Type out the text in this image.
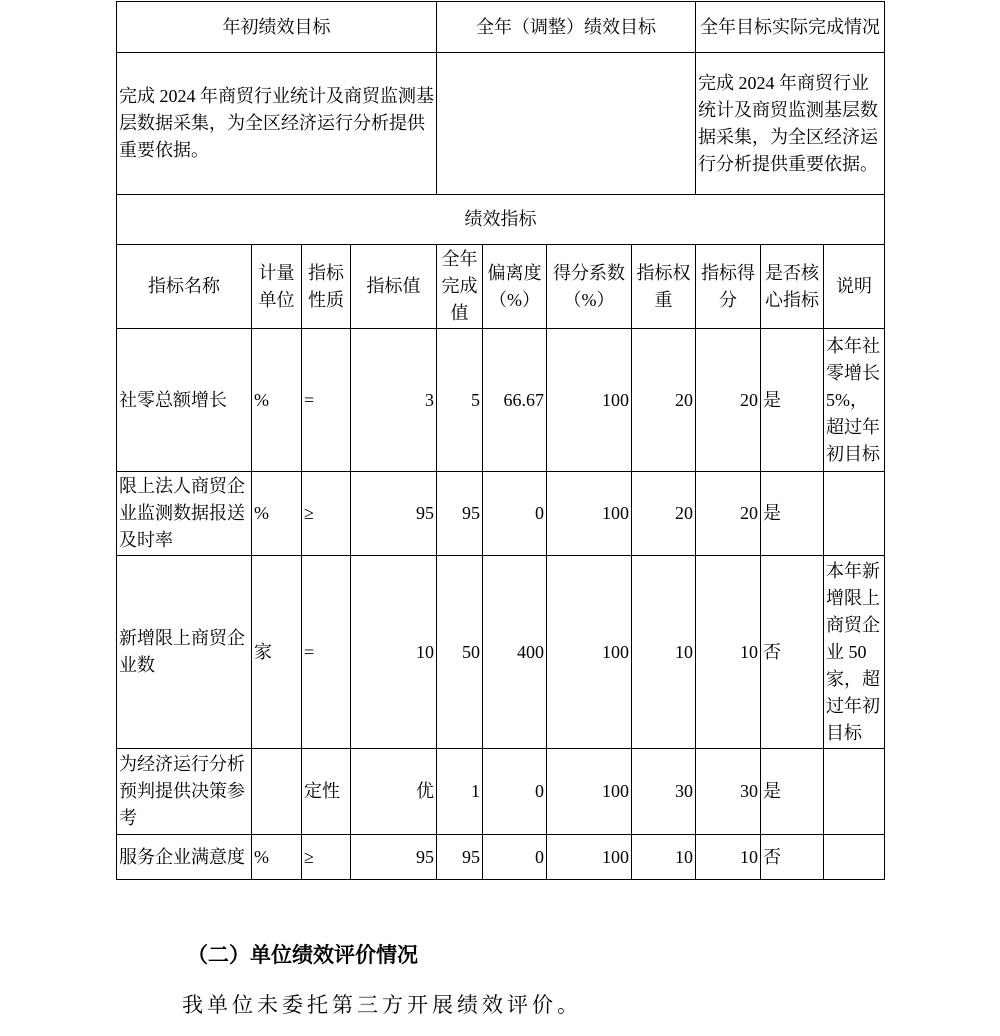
年初绩效目标				全年（调整）绩效目标				全年目标实际完成情况		
完成 2024 年商贸行业统计及商贸监测基层数据采集，为全区经济运行分析提供重要依据。								完成 2024 年商贸行业统计及商贸监测基层数据采集，为全区经济运行分析提供重要依据。		
绩效指标										
指标名称	计量单位	指标性质	指标值	全年完成值	偏离度（%）	得分系数（%）	指标权重	指标得分	是否核心指标	说明
社零总额增长	%	=	3	5	66.67	100	20	20	是	本年社零增长 5%，超过年初目标
限上法人商贸企业监测数据报送及时率	%	≥	95	95	0	100	20	20	是	
新增限上商贸企业数	家	=	10	50	400	100	10	10	否	本年新增限上商贸企业 50 家，超过年初目标
为经济运行分析预判提供决策参考		定性	优	1	0	100	30	30	是	
服务企业满意度	%	≥	95	95	0	100	10	10	否	
（二）单位绩效评价情况
我单位未委托第三方开展绩效评价。
